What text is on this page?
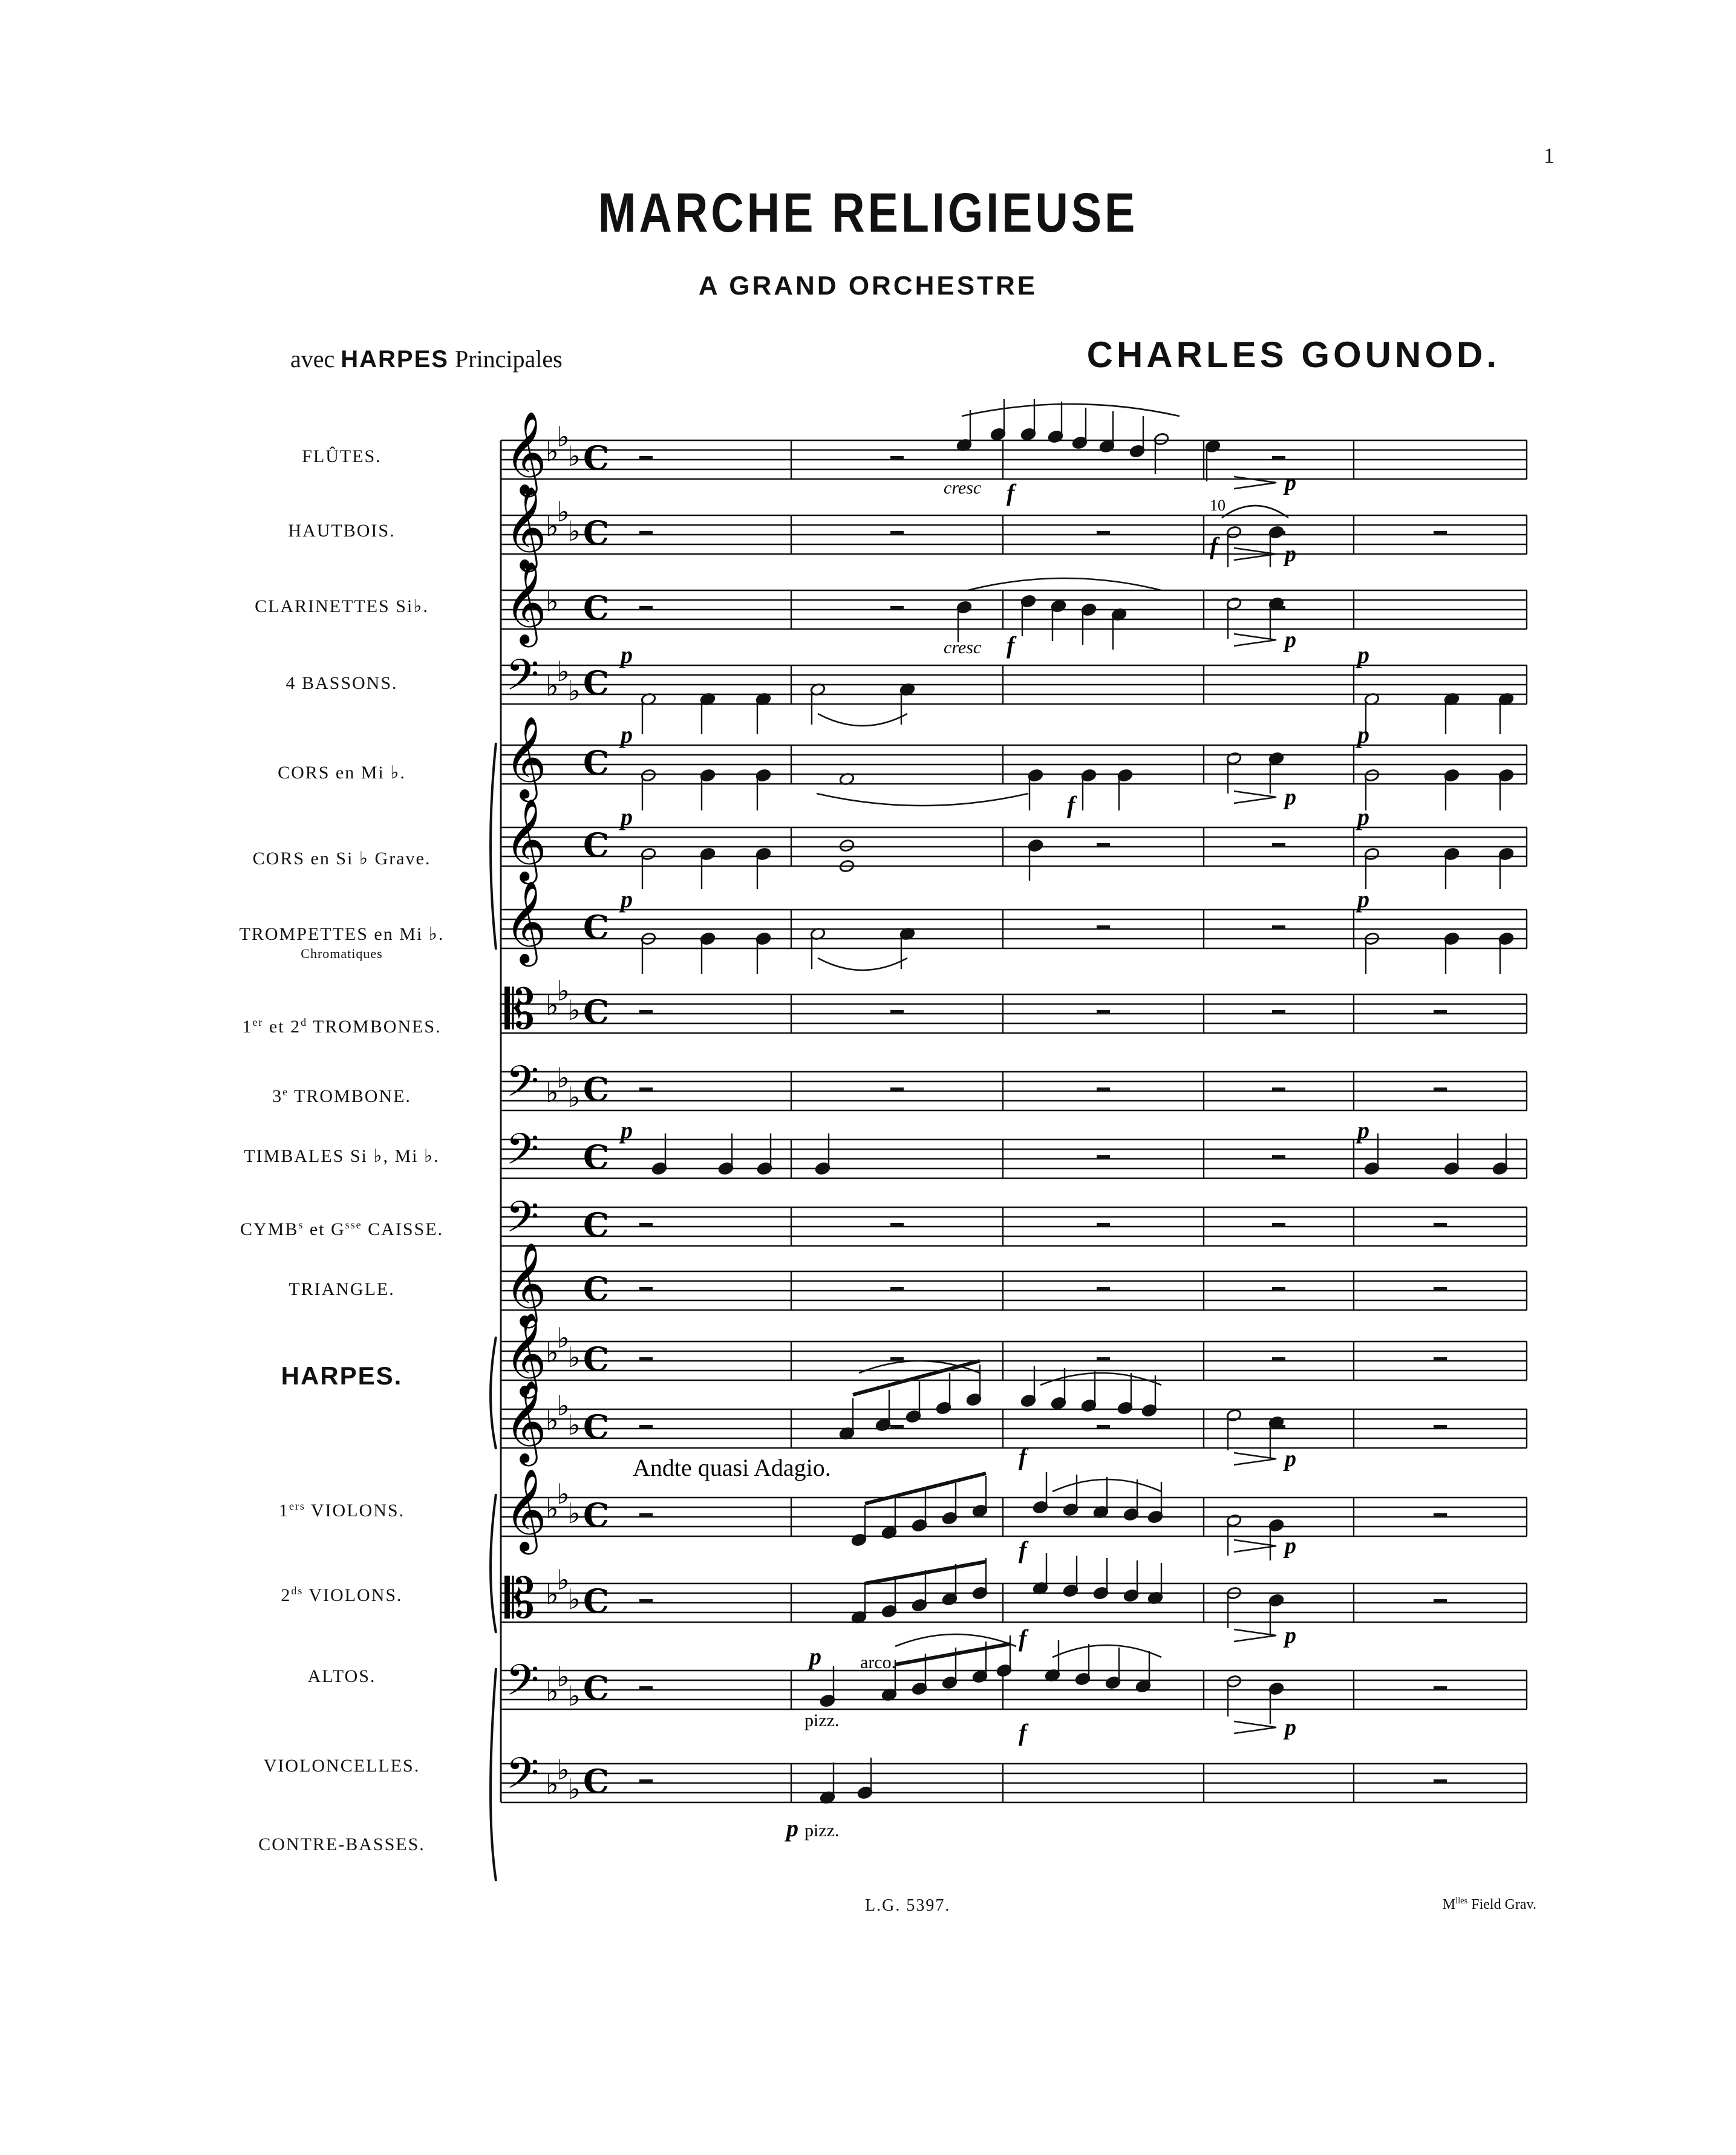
1
MARCHE RELIGIEUSE
A GRAND ORCHESTRE
avec HARPES Principales	CHARLES GOUNOD.
FLÛTES.
HAUTBOIS.
CLARINETTES Si♭.
4 BASSONS.
CORS en Mi ♭.
CORS en Si ♭ Grave.
TROMPETTES en Mi ♭.
Chromatiques
1er et 2$^d$ TROMBONES.
3e TROMBONE.
TIMBALES Si ♭, Mi ♭.
CYMB$^s$ et $G^{sse}$ CAISSE.
TRIANGLE.
HARPES.
1ers VIOLONS.
$2^{ds}$ VIOLONS.
ALTOS.
VIOLONCELLES.
CONTRE-BASSES.
𝄞
♭
♭
♭ C
𝄞
♭
♭
♭ C
𝄞
♭ C
𝄢 ♭
♭
♭ C
𝄞 C
𝄞 C
𝄞 C
𝄡 ♭
♭
♭ C
𝄢 ♭
♭
♭ C
𝄢 C
𝄢 C
𝄞 C
𝄞
♭
♭
♭ C
𝄞
♭
♭
♭ C
𝄞
♭
♭
♭ C
𝄡 ♭
♭
♭ C
𝄢 ♭
♭
♭ C
𝄢 ♭
♭
♭ C
f
cresc	p
10
f	p
cresc f	p
p	p
p	p
f	p
p	p
p	p
p	p
Andte quasi Adagio.	f	p
f	p
f	p
p arco.
pizz.	f	p
p pizz.
L.G. 5397.	$M^{lles}$ Field Grav.
